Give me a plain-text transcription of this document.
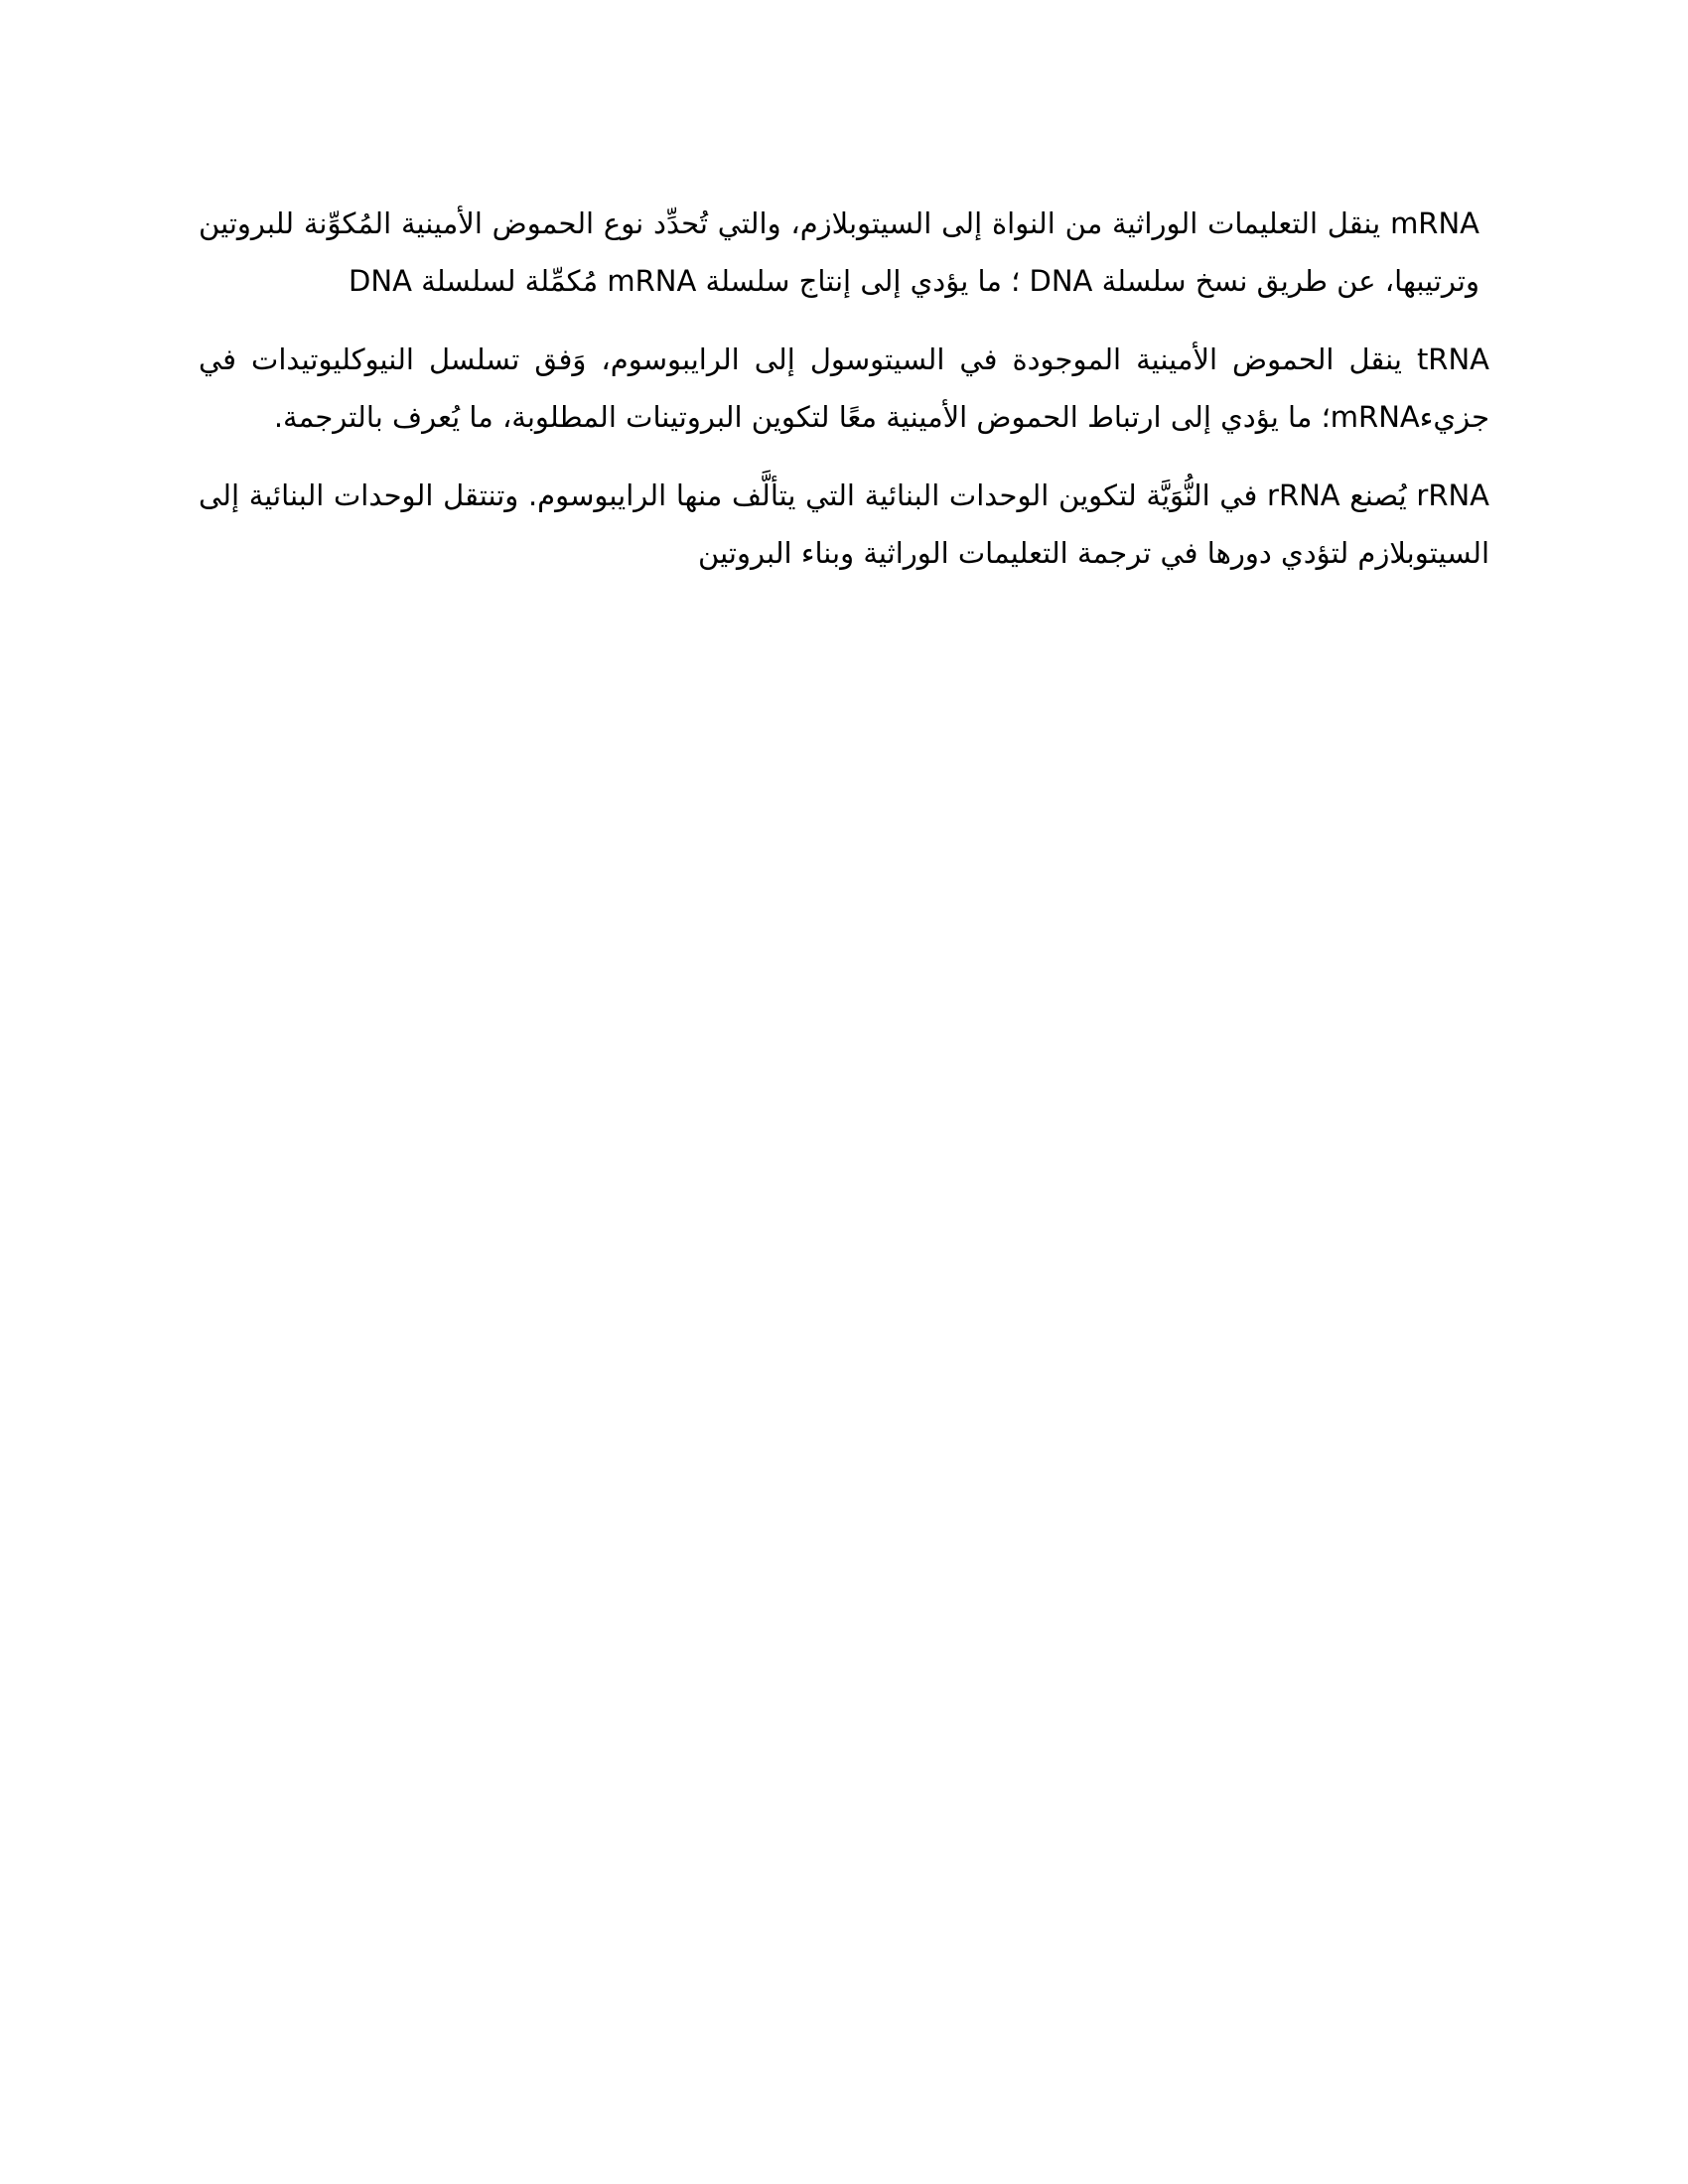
mRNA ينقل التعليمات الوراثية من النواة إلى السيتوبلازم، والتي تُحدِّد نوع الحموض الأمينية المُكوِّنة للبروتين وترتيبها، عن طريق نسخ سلسلة DNA ؛ ما يؤدي إلى إنتاج سلسلة mRNA مُكمِّلة لسلسلة DNA

tRNA ينقل الحموض الأمينية الموجودة في السيتوسول إلى الرايبوسوم، وَفق تسلسل النيوكليوتيدات في جزيءmRNA؛ ما يؤدي إلى ارتباط الحموض الأمينية معًا لتكوين البروتينات المطلوبة، ما يُعرف بالترجمة.

rRNA يُصنع rRNA في النُّوَيَّة لتكوين الوحدات البنائية التي يتألَّف منها الرايبوسوم. وتنتقل الوحدات البنائية إلى السيتوبلازم لتؤدي دورها في ترجمة التعليمات الوراثية وبناء البروتين
